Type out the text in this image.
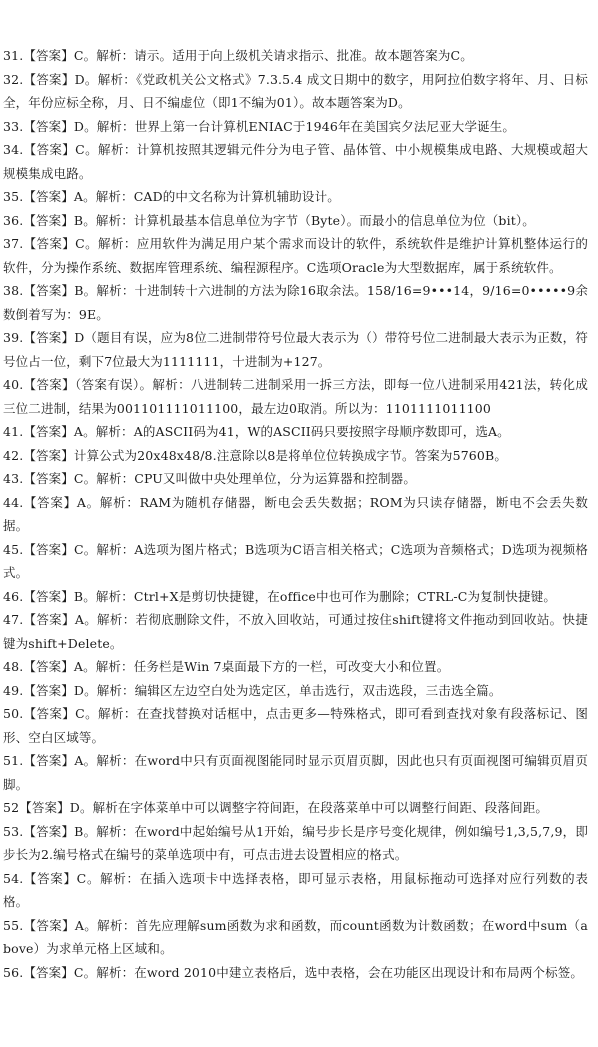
31.【答案】C。解析：请示。适用于向上级机关请求指示、批准。故本题答案为C。

32.【答案】D。解析：《党政机关公文格式》7.3.5.4 成文日期中的数字，用阿拉伯数字将年、月、日标全，年份应标全称，月、日不编虚位（即1不编为01）。故本题答案为D。

33.【答案】D。解析：世界上第一台计算机ENIAC于1946年在美国宾夕法尼亚大学诞生。

34.【答案】C。解析：计算机按照其逻辑元件分为电子管、晶体管、中小规模集成电路、大规模或超大规模集成电路。

35.【答案】A。解析：CAD的中文名称为计算机辅助设计。

36.【答案】B。解析：计算机最基本信息单位为字节（Byte）。而最小的信息单位为位（bit）。

37.【答案】C。解析：应用软件为满足用户某个需求而设计的软件，系统软件是维护计算机整体运行的软件，分为操作系统、数据库管理系统、编程源程序。C选项Oracle为大型数据库，属于系统软件。

38.【答案】B。解析：十进制转十六进制的方法为除16取余法。158/16=9•••14，9/16=0•••••9余数倒着写为：9E。

39.【答案】D（题目有误，应为8位二进制带符号位最大表示为（）带符号位二进制最大表示为正数，符号位占一位，剩下7位最大为1111111，十进制为+127。

40.【答案】（答案有误）。解析：八进制转二进制采用一拆三方法，即每一位八进制采用421法，转化成三位二进制，结果为001101111011100，最左边0取消。所以为：1101111011100

41.【答案】A。解析：A的ASCII码为41，W的ASCII码只要按照字母顺序数即可，选A。

42.【答案】计算公式为20x48x48/8.注意除以8是将单位位转换成字节。答案为5760B。

43.【答案】C。解析：CPU又叫做中央处理单位，分为运算器和控制器。

44.【答案】A。解析：RAM为随机存储器，断电会丢失数据；ROM为只读存储器，断电不会丢失数据。

45.【答案】C。解析：A选项为图片格式；B选项为C语言相关格式；C选项为音频格式；D选项为视频格式。

46.【答案】B。解析：Ctrl+X是剪切快捷键，在office中也可作为删除；CTRL-C为复制快捷键。

47.【答案】A。解析：若彻底删除文件，不放入回收站，可通过按住shift键将文件拖动到回收站。快捷键为shift+Delete。

48.【答案】A。解析：任务栏是Win 7桌面最下方的一栏，可改变大小和位置。

49.【答案】D。解析：编辑区左边空白处为选定区，单击选行，双击选段，三击选全篇。

50.【答案】C。解析：在查找替换对话框中，点击更多—特殊格式，即可看到查找对象有段落标记、图形、空白区域等。

51.【答案】A。解析：在word中只有页面视图能同时显示页眉页脚，因此也只有页面视图可编辑页眉页脚。

52【答案】D。解析在字体菜单中可以调整字符间距，在段落菜单中可以调整行间距、段落间距。

53.【答案】B。解析：在word中起始编号从1开始，编号步长是序号变化规律，例如编号1,3,5,7,9，即步长为2.编号格式在编号的菜单选项中有，可点击进去设置相应的格式。

54.【答案】C。解析：在插入选项卡中选择表格，即可显示表格，用鼠标拖动可选择对应行列数的表格。

55.【答案】A。解析：首先应理解sum函数为求和函数，而count函数为计数函数；在word中sum（above）为求单元格上区域和。

56.【答案】C。解析：在word 2010中建立表格后，选中表格，会在功能区出现设计和布局两个标签。
